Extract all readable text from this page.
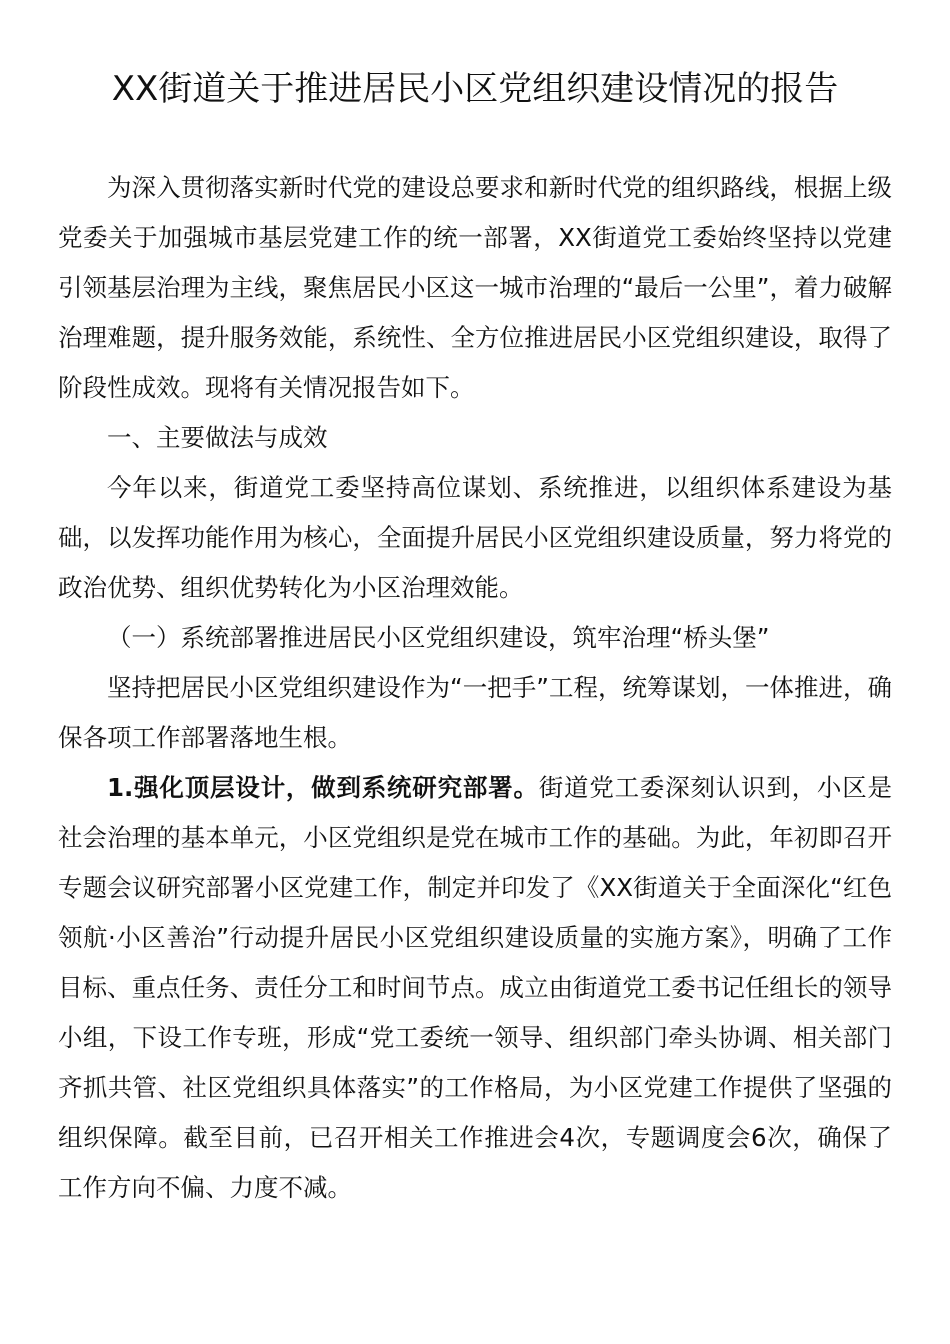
XX街道关于推进居民小区党组织建设情况的报告

为深入贯彻落实新时代党的建设总要求和新时代党的组织路线，根据上级党委关于加强城市基层党建工作的统一部署，XX街道党工委始终坚持以党建引领基层治理为主线，聚焦居民小区这一城市治理的“最后一公里”，着力破解治理难题，提升服务效能，系统性、全方位推进居民小区党组织建设，取得了阶段性成效。现将有关情况报告如下。

一、主要做法与成效

今年以来，街道党工委坚持高位谋划、系统推进，以组织体系建设为基础，以发挥功能作用为核心，全面提升居民小区党组织建设质量，努力将党的政治优势、组织优势转化为小区治理效能。

（一）系统部署推进居民小区党组织建设，筑牢治理“桥头堡”

坚持把居民小区党组织建设作为“一把手”工程，统筹谋划，一体推进，确保各项工作部署落地生根。

1.强化顶层设计，做到系统研究部署。街道党工委深刻认识到，小区是社会治理的基本单元，小区党组织是党在城市工作的基础。为此，年初即召开专题会议研究部署小区党建工作，制定并印发了《XX街道关于全面深化“红色领航·小区善治”行动提升居民小区党组织建设质量的实施方案》，明确了工作目标、重点任务、责任分工和时间节点。成立由街道党工委书记任组长的领导小组，下设工作专班，形成“党工委统一领导、组织部门牵头协调、相关部门齐抓共管、社区党组织具体落实”的工作格局，为小区党建工作提供了坚强的组织保障。截至目前，已召开相关工作推进会4次，专题调度会6次，确保了工作方向不偏、力度不减。
